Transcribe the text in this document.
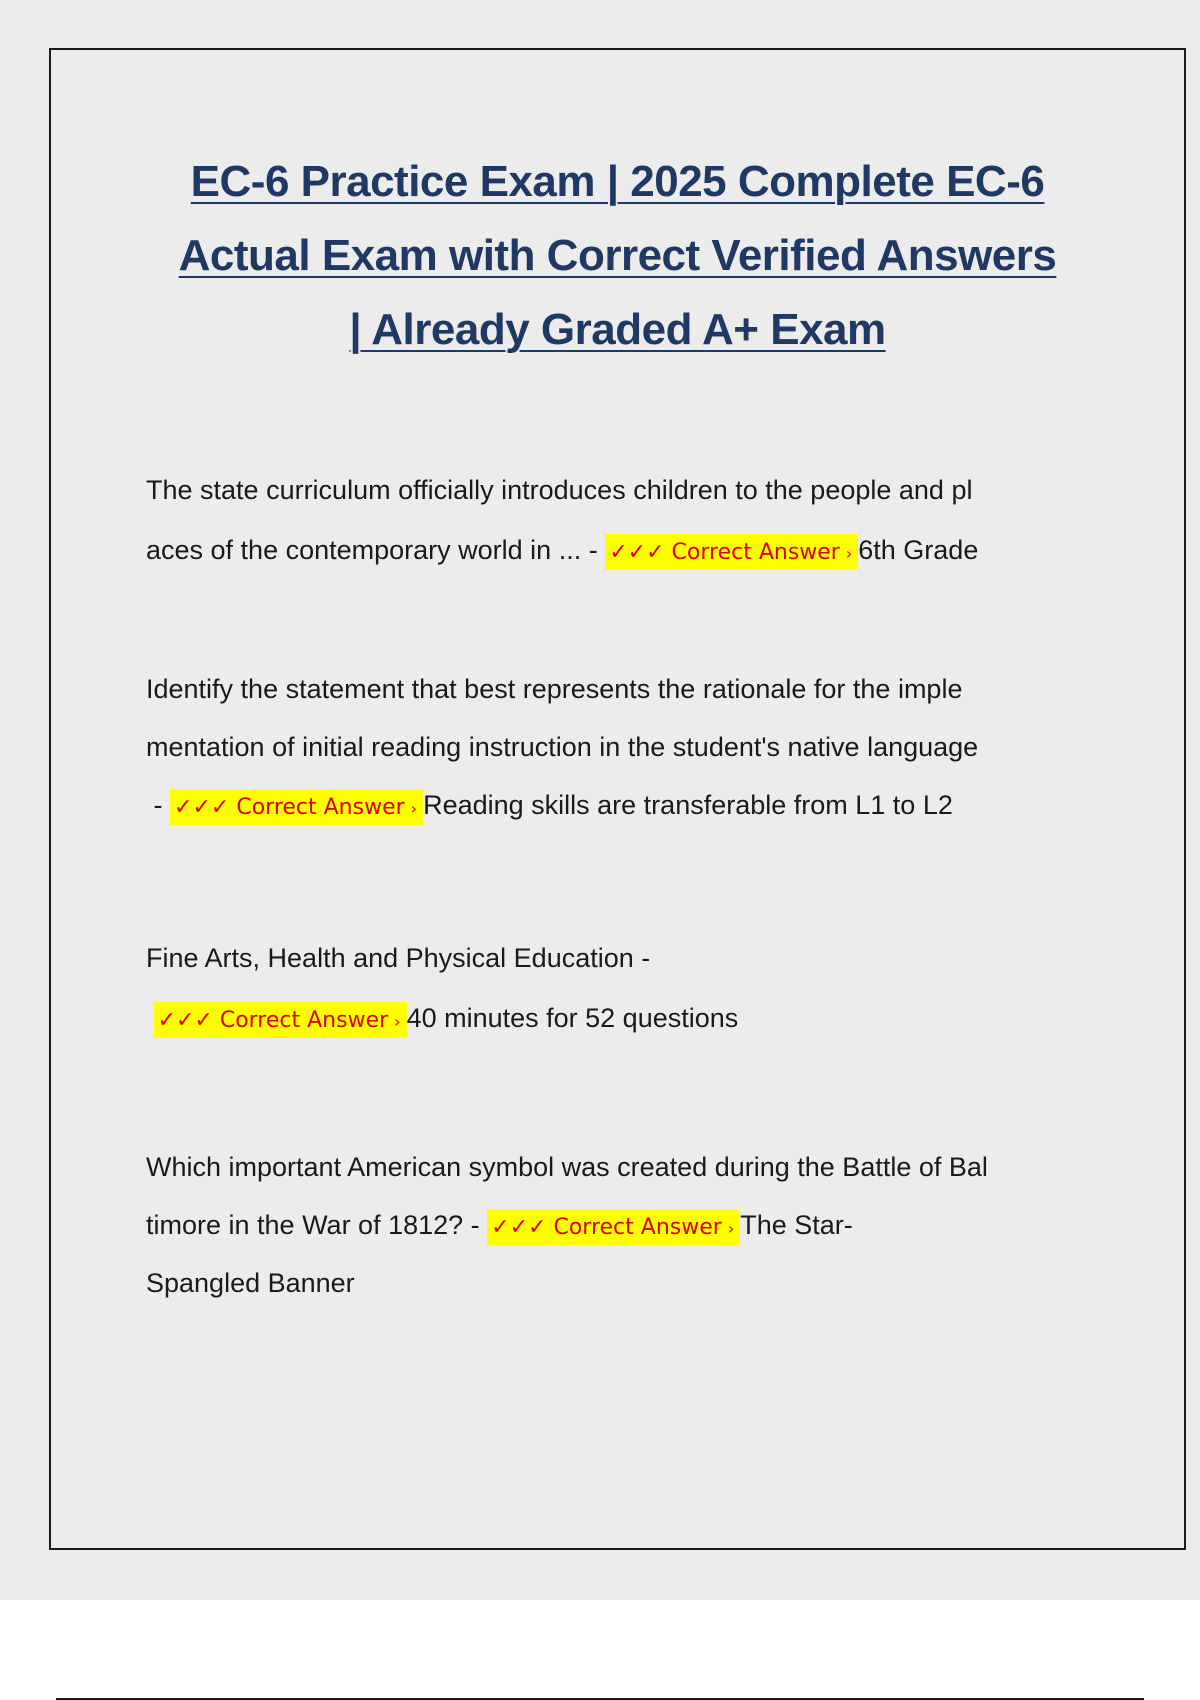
EC-6 Practice Exam | 2025 Complete EC-6
Actual Exam with Correct Verified Answers
| Already Graded A+ Exam
The state curriculum officially introduces children to the people and pl
aces of the contemporary world in ... - ✓✓✓ Correct Answer › 6th Grade
Identify the statement that best represents the rationale for the imple
mentation of initial reading instruction in the student's native language
- ✓✓✓ Correct Answer › Reading skills are transferable from L1 to L2
Fine Arts, Health and Physical Education -
✓✓✓ Correct Answer › 40 minutes for 52 questions
Which important American symbol was created during the Battle of Bal
timore in the War of 1812? - ✓✓✓ Correct Answer › The Star-
Spangled Banner
